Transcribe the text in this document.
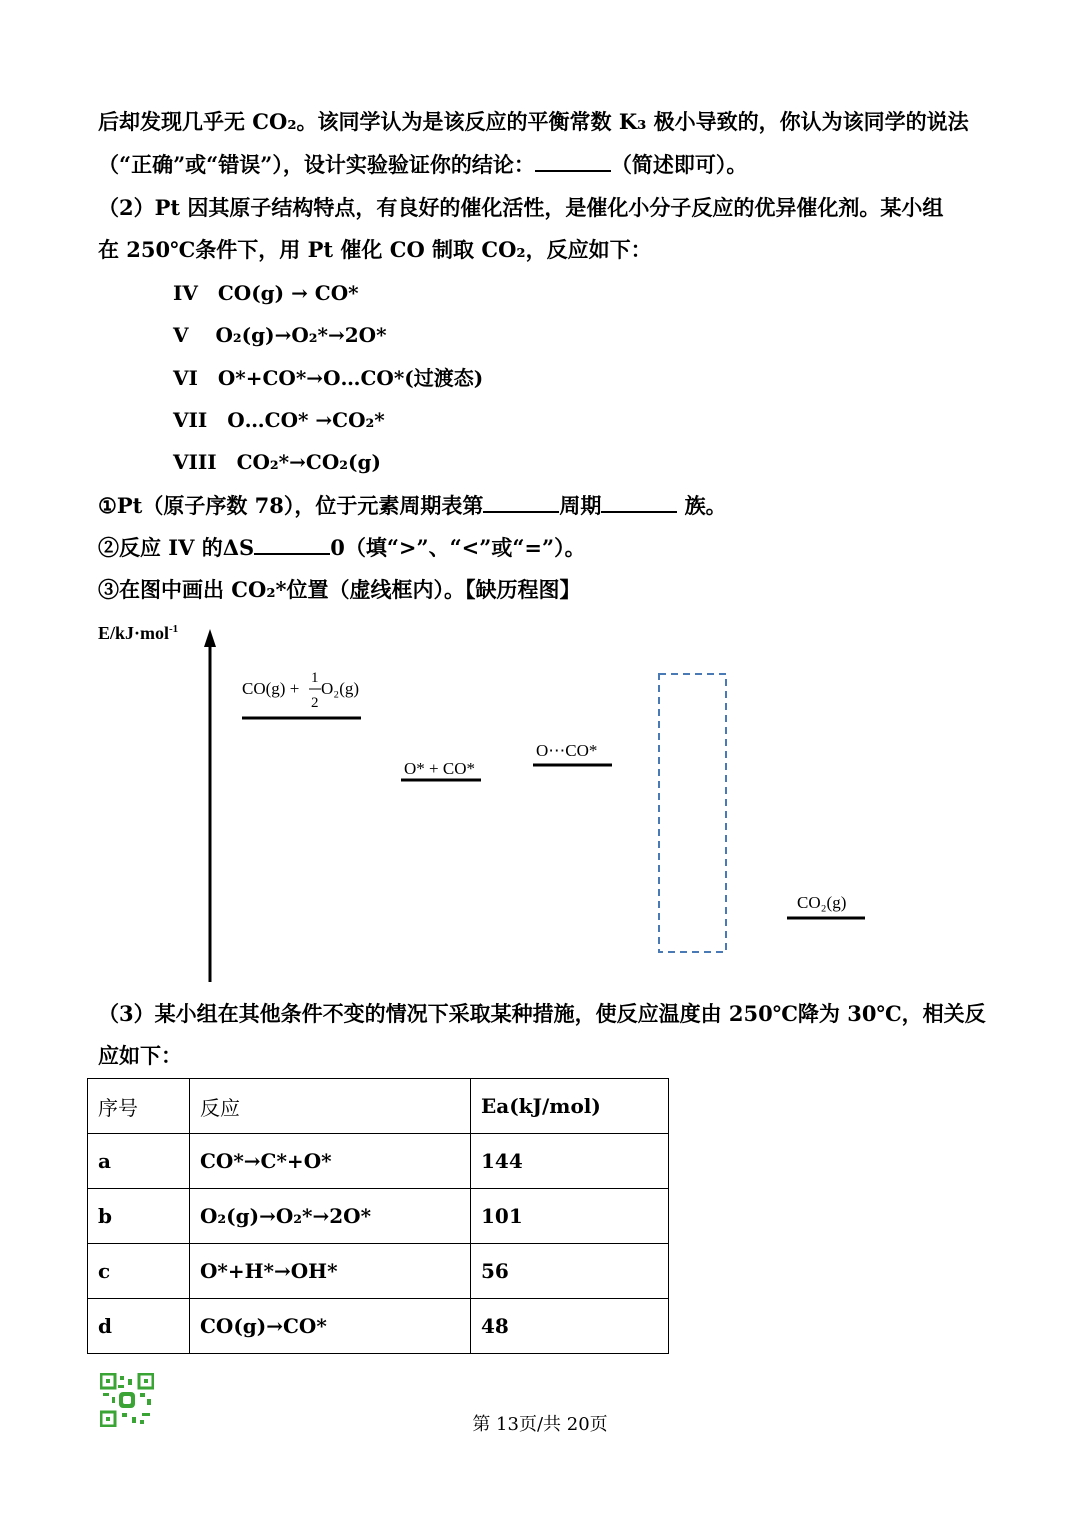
后却发现几乎无 CO₂。该同学认为是该反应的平衡常数 K₃ 极小导致的，你认为该同学的说法
（“正确”或“错误”），设计实验验证你的结论：	（简述即可）。
（2）Pt 因其原子结构特点，有良好的催化活性，是催化小分子反应的优异催化剂。某小组
在 250℃条件下，用 Pt 催化 CO 制取 CO₂，反应如下：
IV　CO(g) → CO*
V　 O₂(g)→O₂*→2O*
VI　O*+CO*→O…CO*(过渡态)
VII　O…CO* →CO₂*
VIII　CO₂*→CO₂(g)
①Pt（原子序数 78），位于元素周期表第	周期	族。
②反应 IV 的ΔS	0（填“>”、“<”或“=”）。
③在图中画出 CO₂*位置（虚线框内）。【缺历程图】
E/kJ·mol$^{-1}$
CO(g) +
1
2
O₂(g)
O* + CO*
O⋯CO*
CO₂(g)
（3）某小组在其他条件不变的情况下采取某种措施，使反应温度由 250℃降为 30℃，相关反
应如下：
序号	反应	Ea(kJ/mol)
a	CO*→C*+O*	144
b	O₂(g)→O₂*→2O*	101
c	O*+H*→OH*	56
d	CO(g)→CO*	48
第 13页/共 20页
